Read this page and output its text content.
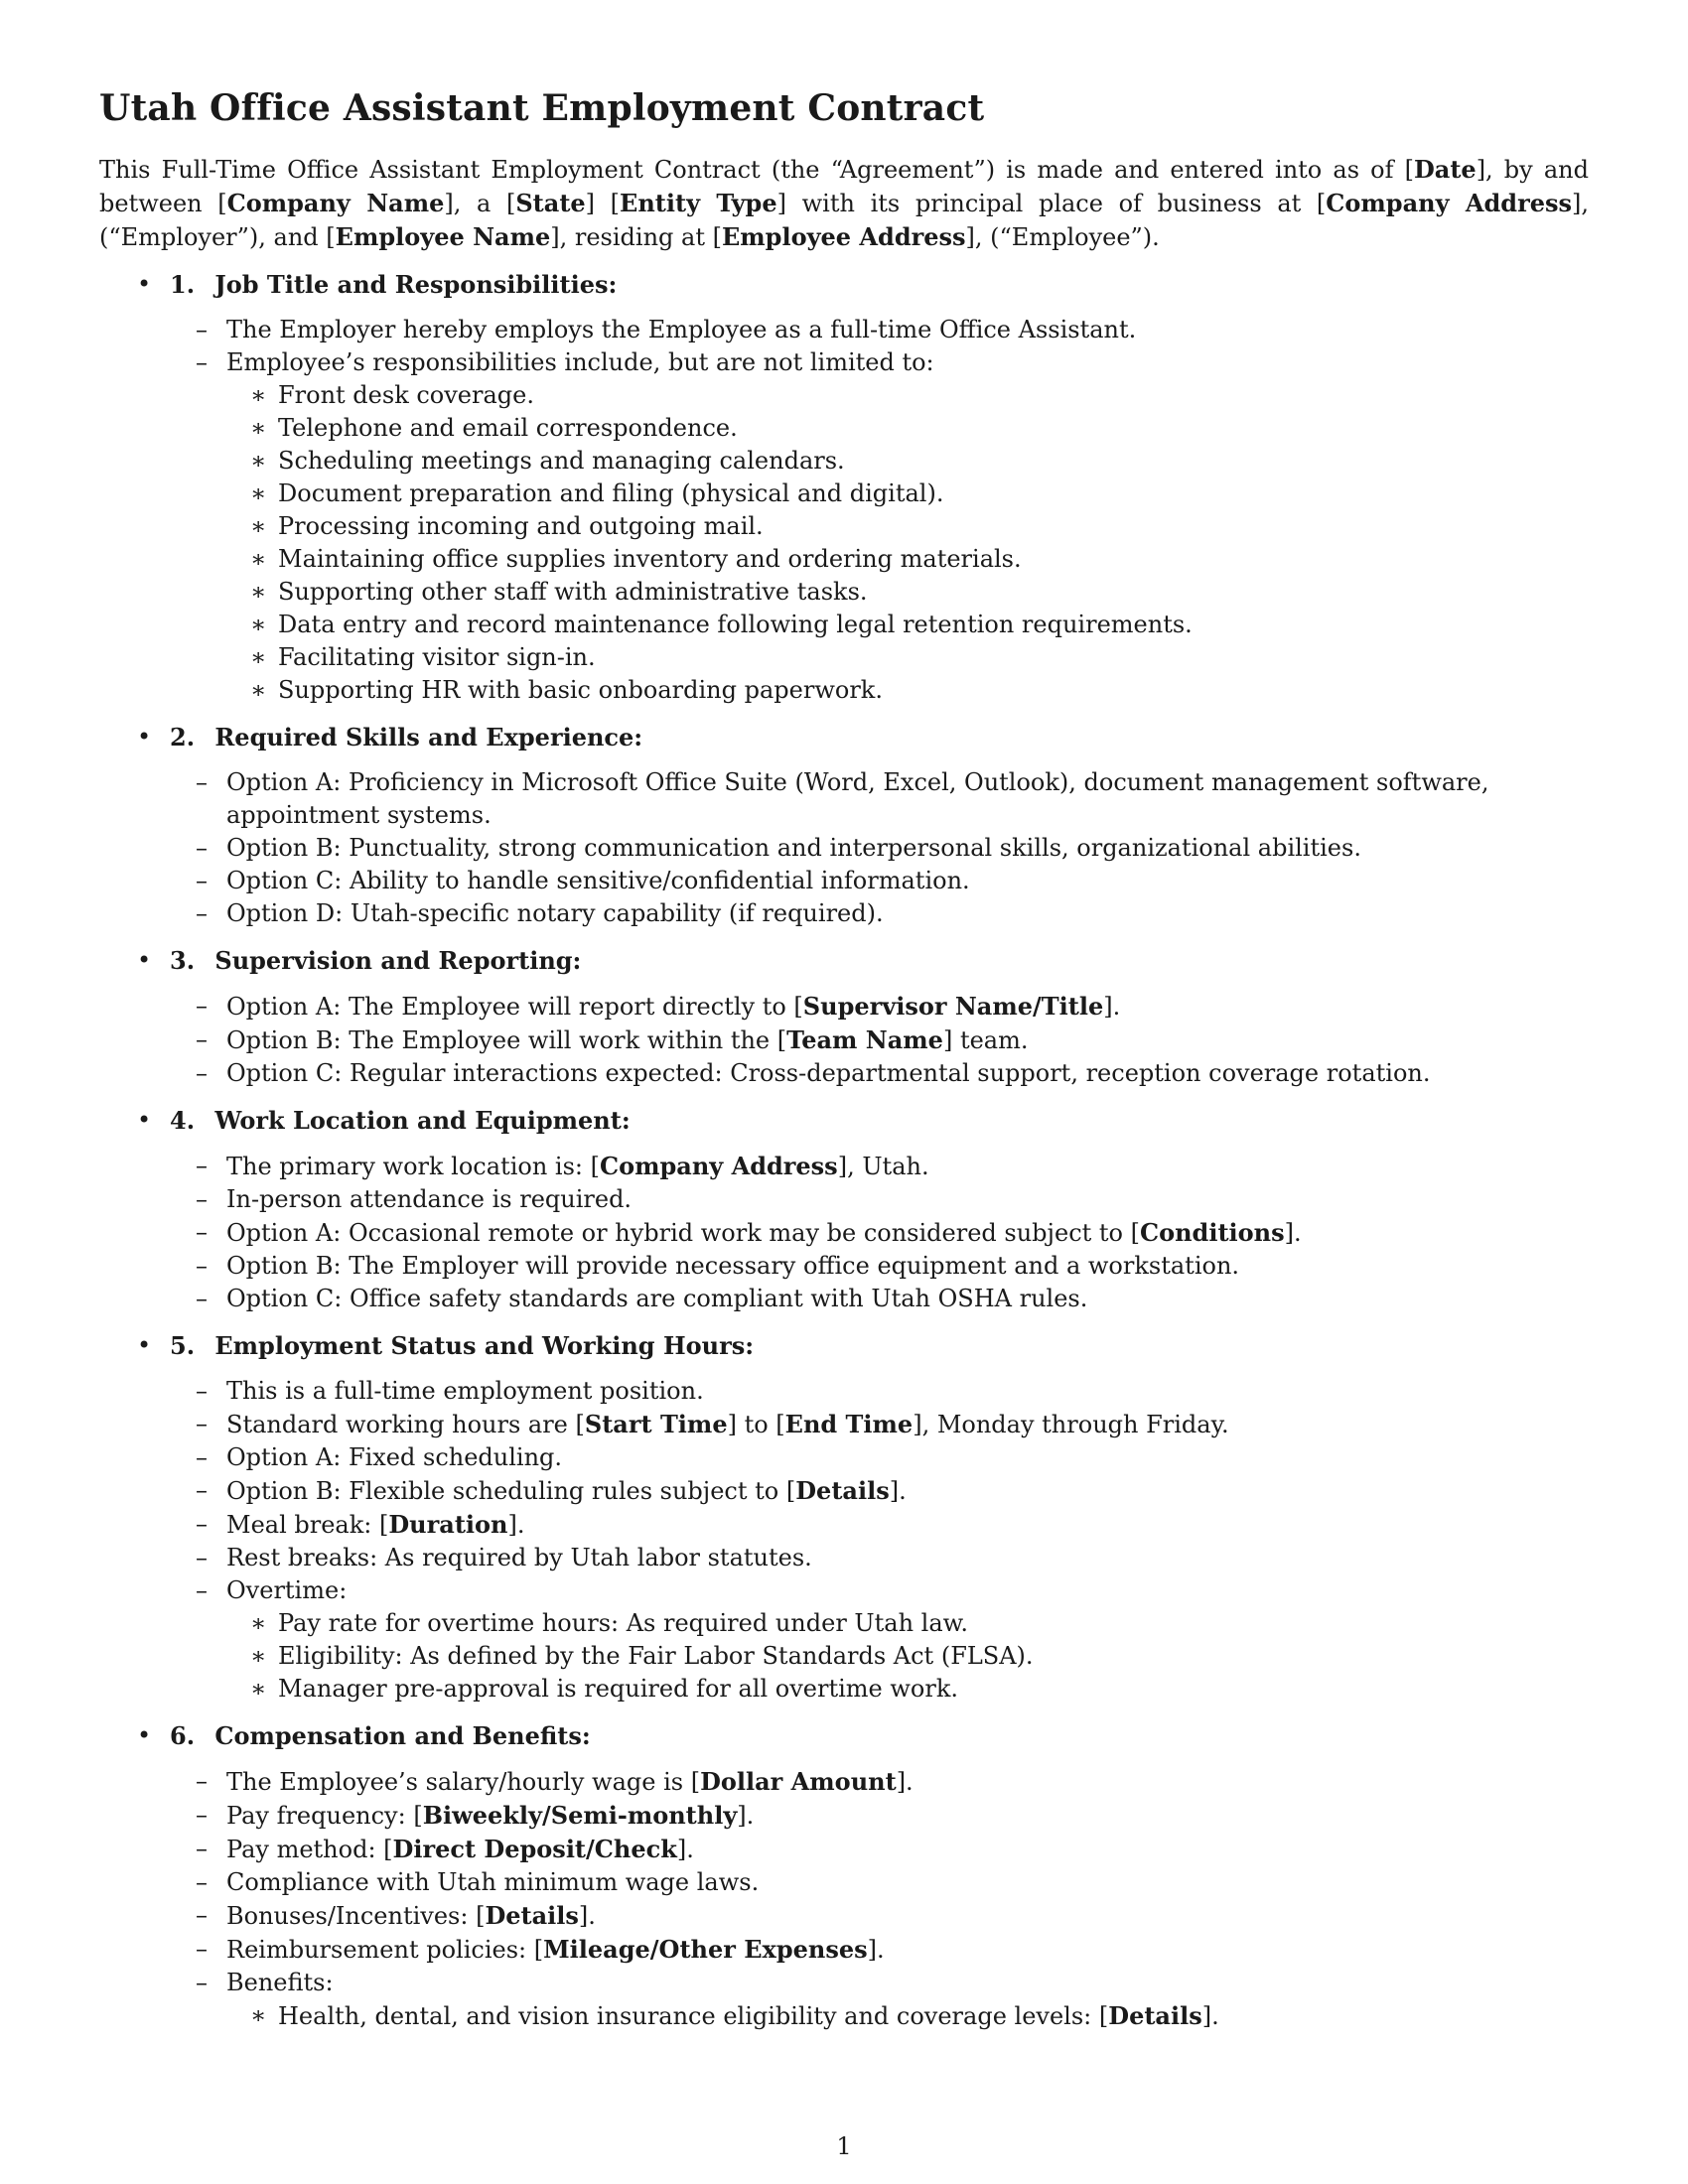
Utah Office Assistant Employment Contract

This Full-Time Office Assistant Employment Contract (the “Agreement”) is made and entered into as of [Date], by and between [Company Name], a [State] [Entity Type] with its principal place of business at [Company Address], (“Employer”), and [Employee Name], residing at [Employee Address], (“Employee”).

• 1. Job Title and Responsibilities:
– The Employer hereby employs the Employee as a full-time Office Assistant.
– Employee’s responsibilities include, but are not limited to:
∗ Front desk coverage.
∗ Telephone and email correspondence.
∗ Scheduling meetings and managing calendars.
∗ Document preparation and filing (physical and digital).
∗ Processing incoming and outgoing mail.
∗ Maintaining office supplies inventory and ordering materials.
∗ Supporting other staff with administrative tasks.
∗ Data entry and record maintenance following legal retention requirements.
∗ Facilitating visitor sign-in.
∗ Supporting HR with basic onboarding paperwork.
• 2. Required Skills and Experience:
– Option A: Proficiency in Microsoft Office Suite (Word, Excel, Outlook), document management software, appointment systems.
– Option B: Punctuality, strong communication and interpersonal skills, organizational abilities.
– Option C: Ability to handle sensitive/confidential information.
– Option D: Utah-specific notary capability (if required).
• 3. Supervision and Reporting:
– Option A: The Employee will report directly to [Supervisor Name/Title].
– Option B: The Employee will work within the [Team Name] team.
– Option C: Regular interactions expected: Cross-departmental support, reception coverage rotation.
• 4. Work Location and Equipment:
– The primary work location is: [Company Address], Utah.
– In-person attendance is required.
– Option A: Occasional remote or hybrid work may be considered subject to [Conditions].
– Option B: The Employer will provide necessary office equipment and a workstation.
– Option C: Office safety standards are compliant with Utah OSHA rules.
• 5. Employment Status and Working Hours:
– This is a full-time employment position.
– Standard working hours are [Start Time] to [End Time], Monday through Friday.
– Option A: Fixed scheduling.
– Option B: Flexible scheduling rules subject to [Details].
– Meal break: [Duration].
– Rest breaks: As required by Utah labor statutes.
– Overtime:
∗ Pay rate for overtime hours: As required under Utah law.
∗ Eligibility: As defined by the Fair Labor Standards Act (FLSA).
∗ Manager pre-approval is required for all overtime work.
• 6. Compensation and Benefits:
– The Employee’s salary/hourly wage is [Dollar Amount].
– Pay frequency: [Biweekly/Semi-monthly].
– Pay method: [Direct Deposit/Check].
– Compliance with Utah minimum wage laws.
– Bonuses/Incentives: [Details].
– Reimbursement policies: [Mileage/Other Expenses].
– Benefits:
∗ Health, dental, and vision insurance eligibility and coverage levels: [Details].
1
